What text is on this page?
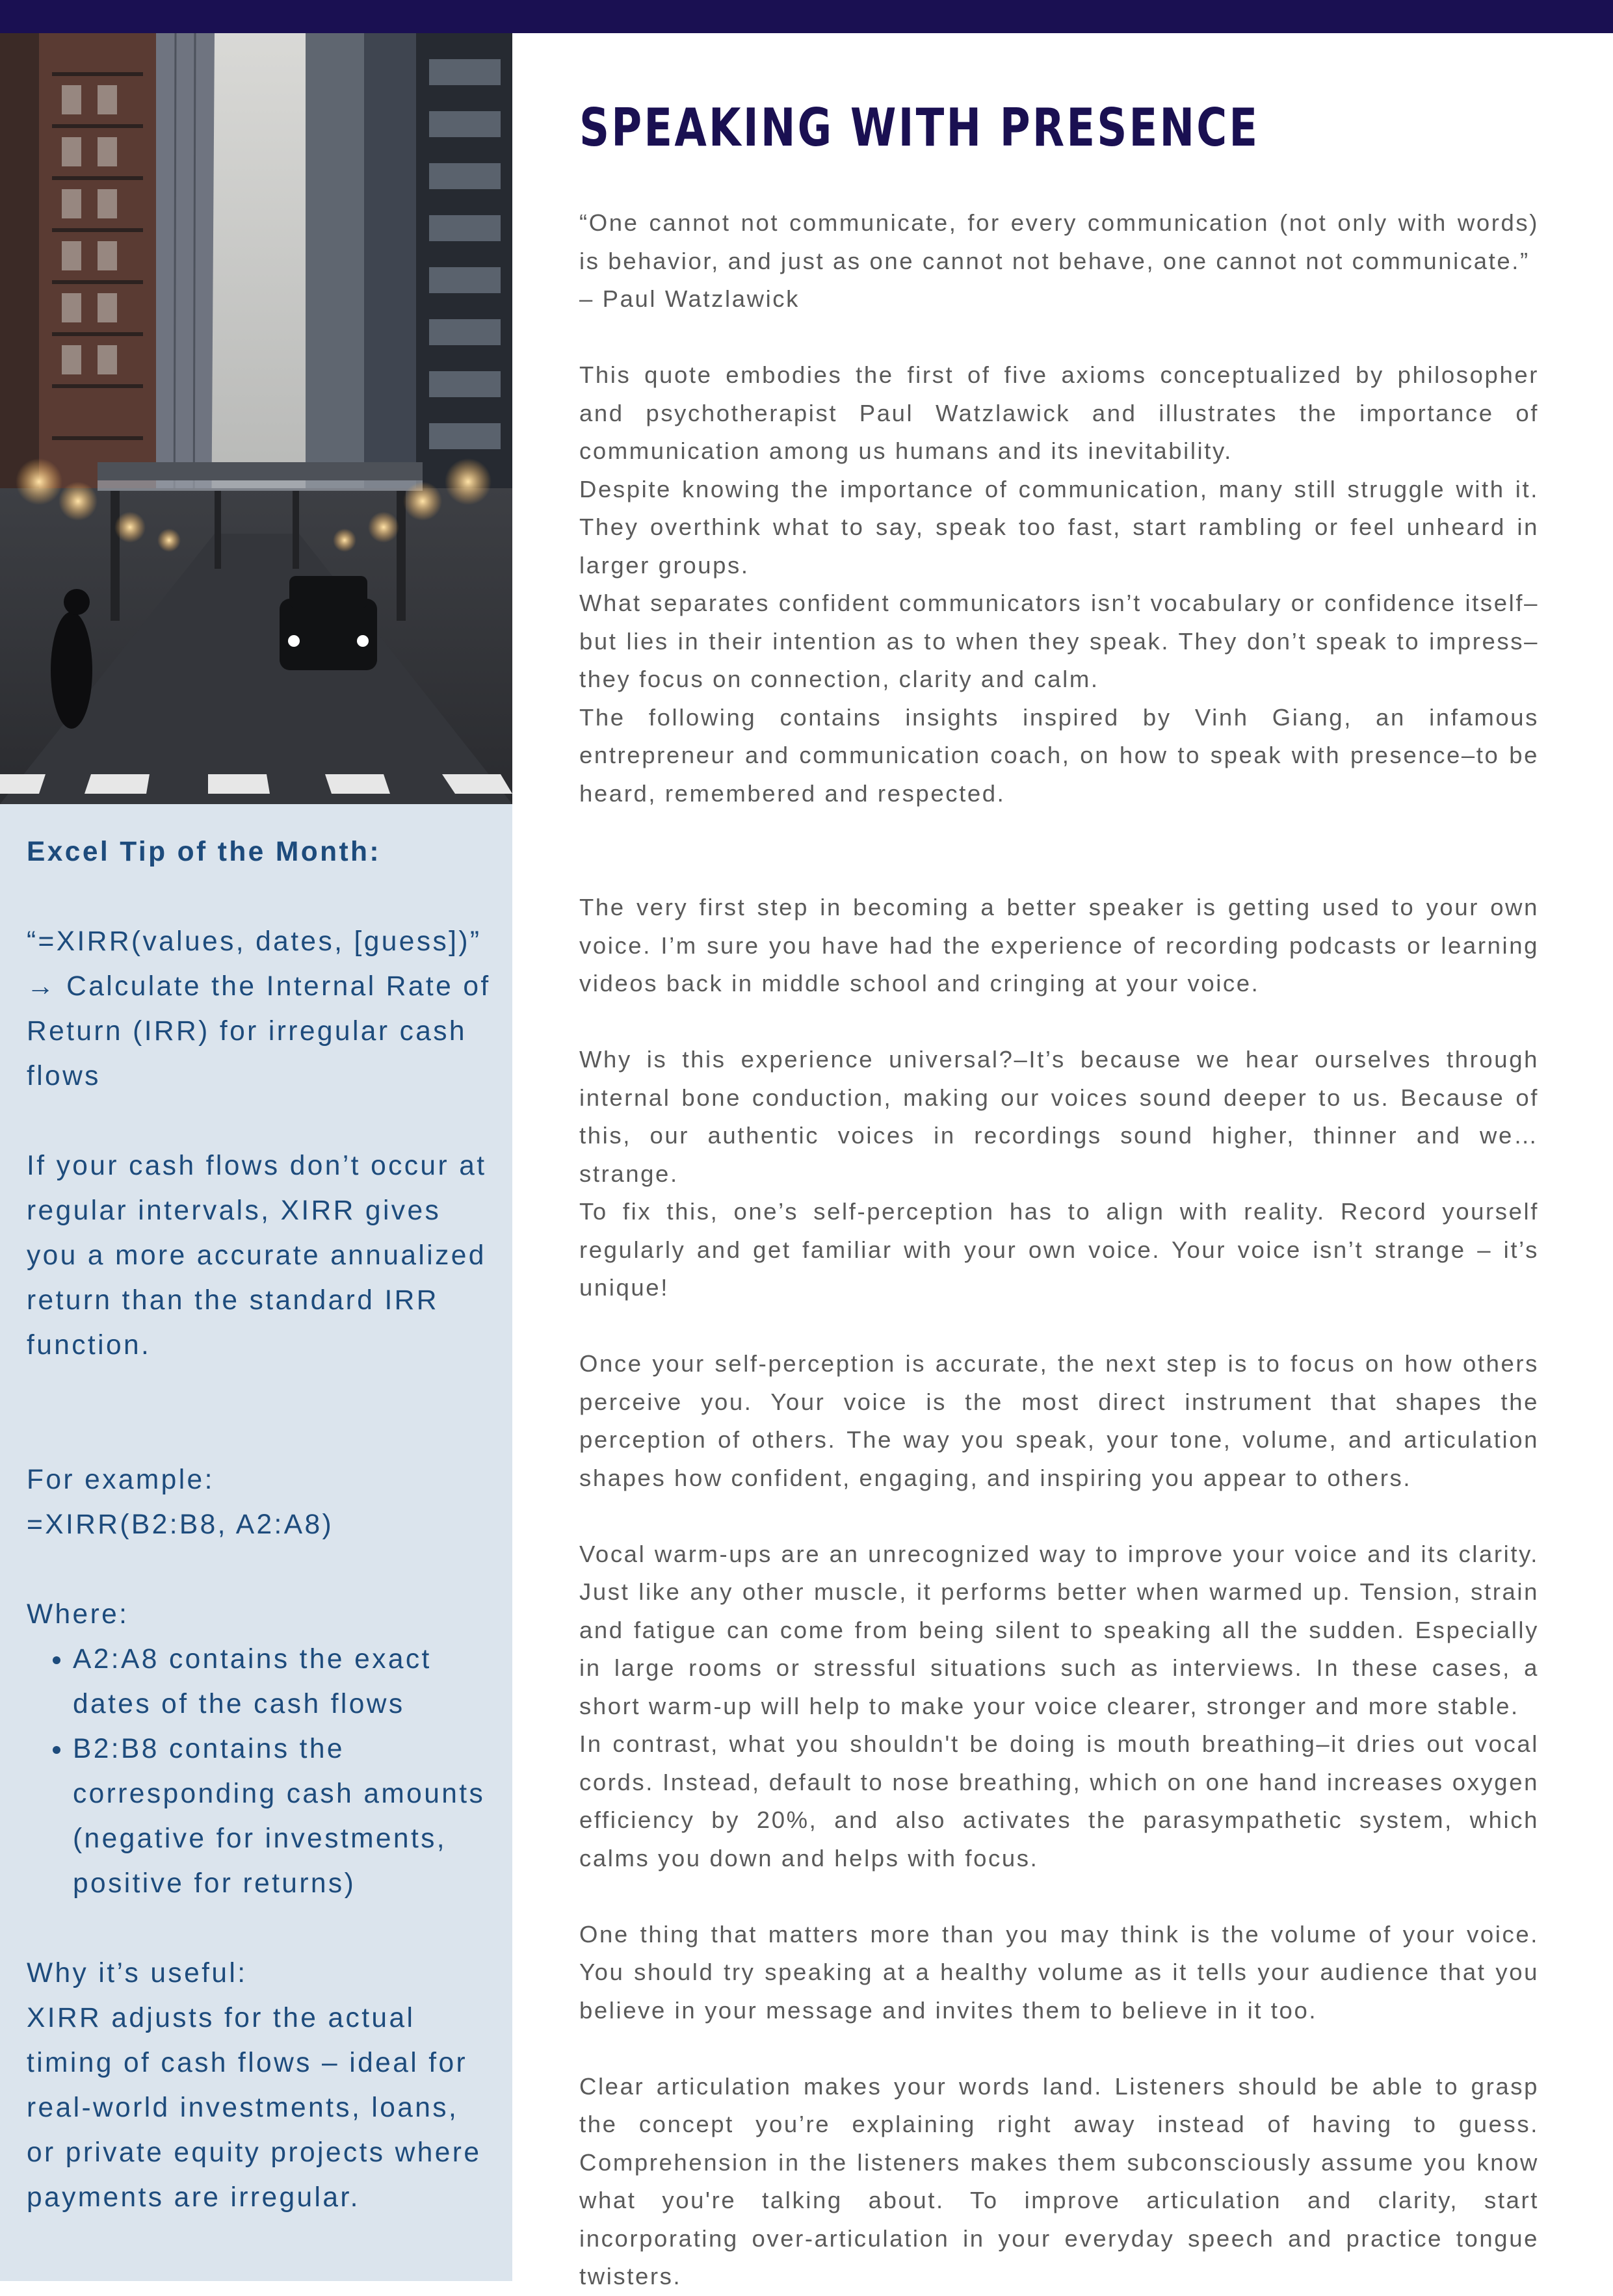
Excel Tip of the Month:

“=XIRR(values, dates, [guess])”

→ Calculate the Internal Rate of Return (IRR) for irregular cash flows

If your cash flows don’t occur at regular intervals, XIRR gives you a more accurate annualized return than the standard IRR function.

For example:

=XIRR(B2:B8, A2:A8)

Where:

• A2:A8 contains the exact dates of the cash flows
• B2:B8 contains the corresponding cash amounts (negative for investments, positive for returns)

Why it’s useful:

XIRR adjusts for the actual timing of cash flows – ideal for real-world investments, loans, or private equity projects where payments are irregular.

SPEAKING WITH PRESENCE

“One cannot not communicate, for every communication (not only with words) is behavior, and just as one cannot not behave, one cannot not communicate.”

– Paul Watzlawick

This quote embodies the first of five axioms conceptualized by philosopher and psychotherapist Paul Watzlawick and illustrates the importance of communication among us humans and its inevitability.

Despite knowing the importance of communication, many still struggle with it. They overthink what to say, speak too fast, start rambling or feel unheard in larger groups.

What separates confident communicators isn’t vocabulary or confidence itself–but lies in their intention as to when they speak. They don’t speak to impress–they focus on connection, clarity and calm.

The following contains insights inspired by Vinh Giang, an infamous entrepreneur and communication coach, on how to speak with presence–to be heard, remembered and respected.

The very first step in becoming a better speaker is getting used to your own voice. I’m sure you have had the experience of recording podcasts or learning videos back in middle school and cringing at your voice.

Why is this experience universal?–It’s because we hear ourselves through internal bone conduction, making our voices sound deeper to us. Because of this, our authentic voices in recordings sound higher, thinner and we… strange.

To fix this, one’s self-perception has to align with reality. Record yourself regularly and get familiar with your own voice. Your voice isn’t strange – it’s unique!

Once your self-perception is accurate, the next step is to focus on how others perceive you. Your voice is the most direct instrument that shapes the perception of others. The way you speak, your tone, volume, and articulation shapes how confident, engaging, and inspiring you appear to others.

Vocal warm-ups are an unrecognized way to improve your voice and its clarity. Just like any other muscle, it performs better when warmed up. Tension, strain and fatigue can come from being silent to speaking all the sudden. Especially in large rooms or stressful situations such as interviews. In these cases, a short warm-up will help to make your voice clearer, stronger and more stable.

In contrast, what you shouldn't be doing is mouth breathing–it dries out vocal cords. Instead, default to nose breathing, which on one hand increases oxygen efficiency by 20%, and also activates the parasympathetic system, which calms you down and helps with focus.

One thing that matters more than you may think is the volume of your voice. You should try speaking at a healthy volume as it tells your audience that you believe in your message and invites them to believe in it too.

Clear articulation makes your words land. Listeners should be able to grasp the concept you’re explaining right away instead of having to guess. Comprehension in the listeners makes them subconsciously assume you know what you're talking about. To improve articulation and clarity, start incorporating over-articulation in your everyday speech and practice tongue twisters.
